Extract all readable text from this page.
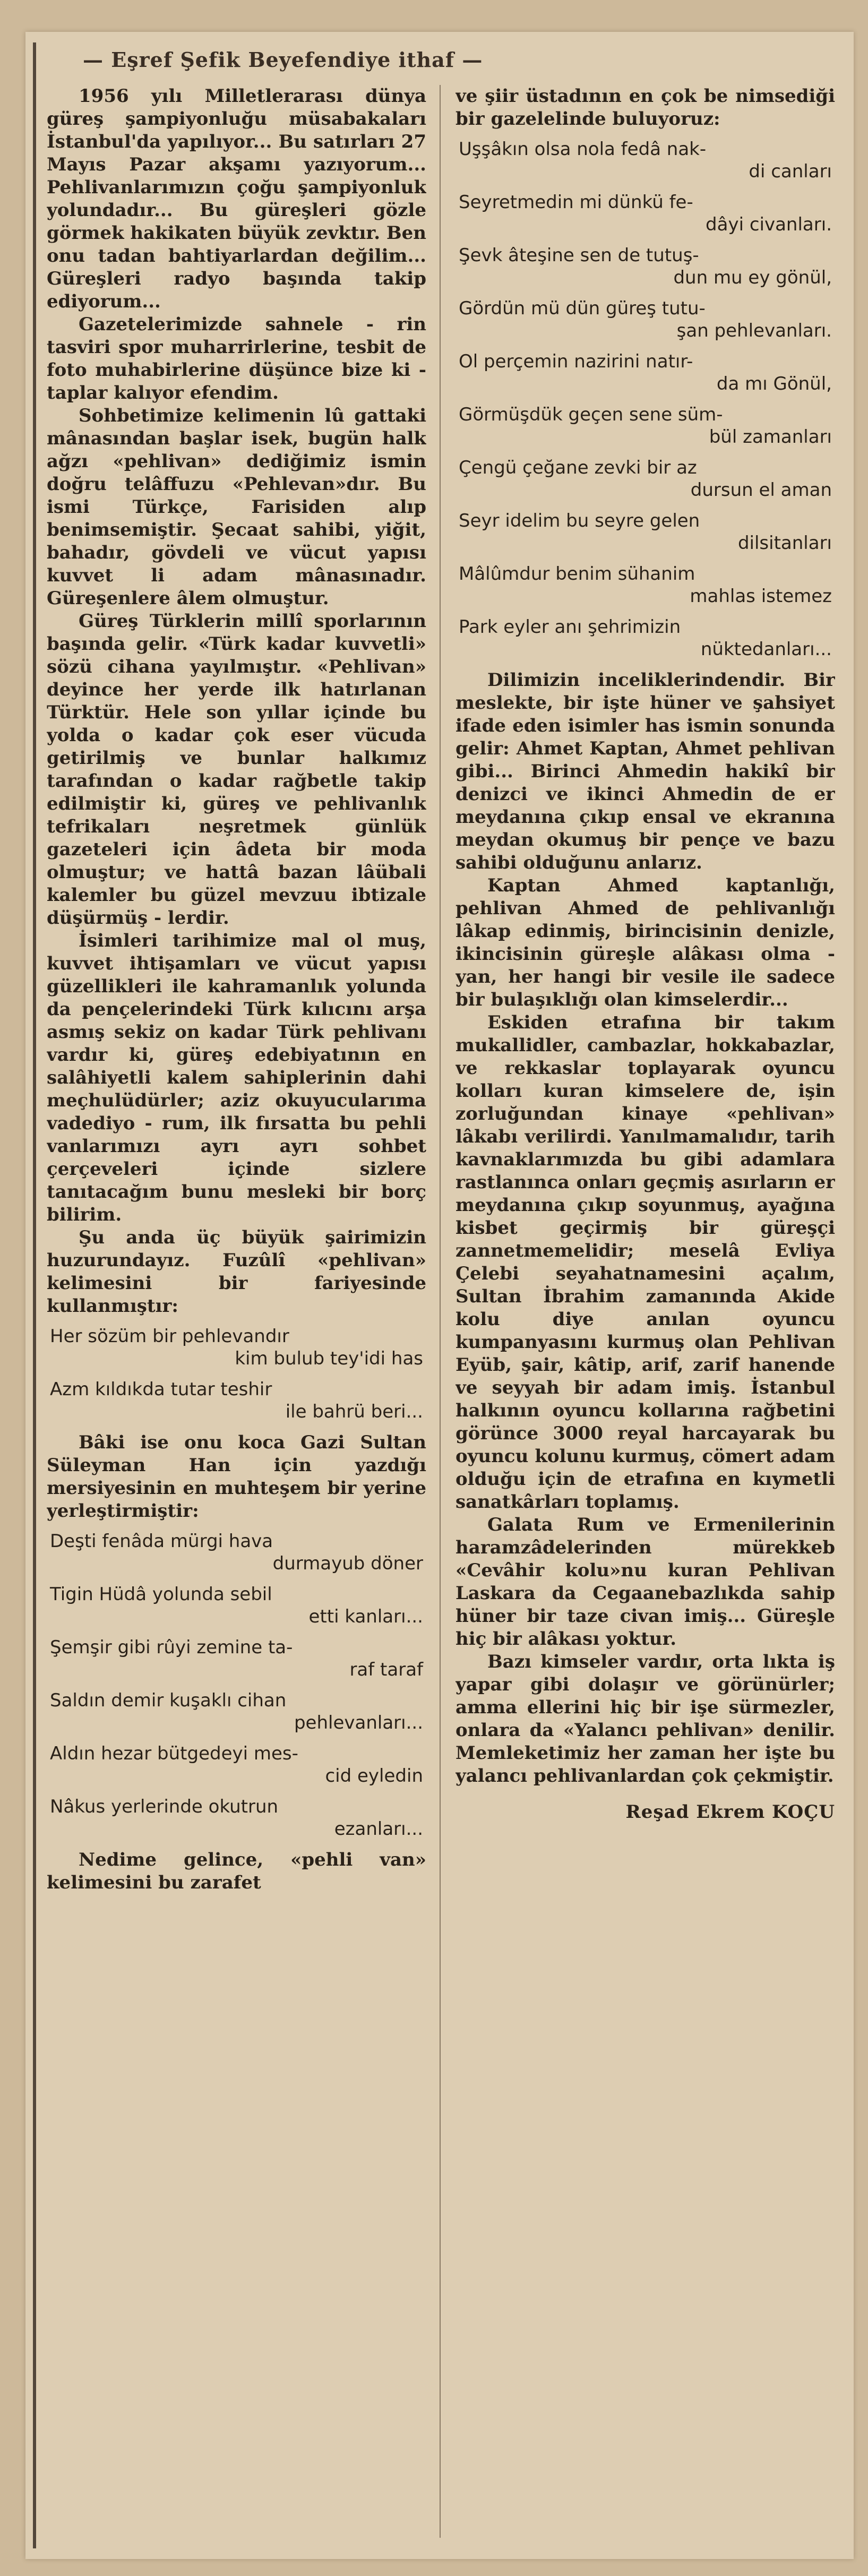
— Eşref Şefik Beyefendiye ithaf —

1956 yılı Milletlerarası dünya güreş şampiyonluğu müsabakaları İstanbul'da yapılıyor... Bu satırları 27 Mayıs Pazar akşamı yazıyorum... Pehlivanlarımızın çoğu şampiyonluk yolundadır... Bu güreşleri gözle görmek hakikaten büyük zevktır. Ben onu tadan bahtiyarlardan değilim... Güreşleri radyo başında takip ediyorum...

Gazetelerimizde sahnele - rin tasviri spor muharrirlerine, tesbit de foto muhabirlerine düşünce bize ki - taplar kalıyor efendim.

Sohbetimize kelimenin lû gattaki mânasından başlar isek, bugün halk ağzı «pehlivan» dediğimiz ismin doğru telâffuzu «Pehlevan»dır. Bu ismi Türkçe, Farisiden alıp benimsemiştir. Şecaat sahibi, yiğit, bahadır, gövdeli ve vücut yapısı kuvvet li adam mânasınadır. Güreşenlere âlem olmuştur.

Güreş Türklerin millî sporlarının başında gelir. «Türk kadar kuvvetli» sözü cihana yayılmıştır. «Pehlivan» deyince her yerde ilk hatırlanan Türktür. Hele son yıllar içinde bu yolda o kadar çok eser vücuda getirilmiş ve bunlar halkımız tarafından o kadar rağbetle takip edilmiştir ki, güreş ve pehlivanlık tefrikaları neşretmek günlük gazeteleri için âdeta bir moda olmuştur; ve hattâ bazan lâübali kalemler bu güzel mevzuu ibtizale düşürmüş - lerdir.

İsimleri tarihimize mal ol muş, kuvvet ihtişamları ve vücut yapısı güzellikleri ile kahramanlık yolunda da pençelerindeki Türk kılıcını arşa asmış sekiz on kadar Türk pehlivanı vardır ki, güreş edebiyatının en salâhiyetli kalem sahiplerinin dahi meçhulüdürler; aziz okuyucularıma vadediyo - rum, ilk fırsatta bu pehli vanlarımızı ayrı ayrı sohbet çerçeveleri içinde sizlere tanıtacağım bunu mesleki bir borç bilirim.

Şu anda üç büyük şairimizin huzurundayız. Fuzûlî «pehlivan» kelimesini bir fariyesinde kullanmıştır:

Her sözüm bir pehlevandır
kim bulub tey'idi has
Azm kıldıkda tutar teshir
ile bahrü beri...

Bâki ise onu koca Gazi Sultan Süleyman Han için yazdığı mersiyesinin en muhteşem bir yerine yerleştirmiştir:

Deşti fenâda mürgi hava
durmayub döner
Tigin Hüdâ yolunda sebil
etti kanları...
Şemşir gibi rûyi zemine ta-
raf taraf
Saldın demir kuşaklı cihan
pehlevanları...
Aldın hezar bütgedeyi mes-
cid eyledin
Nâkus yerlerinde okutrun
ezanları...

Nedime gelince, «pehli van» kelimesini bu zarafet

ve şiir üstadının en çok be nimsediği bir gazelelinde buluyoruz:

Uşşâkın olsa nola fedâ nak-
di canları
Seyretmedin mi dünkü fe-
dâyi civanları.
Şevk âteşine sen de tutuş-
dun mu ey gönül,
Gördün mü dün güreş tutu-
şan pehlevanları.
Ol perçemin nazirini natır-
da mı Gönül,
Görmüşdük geçen sene süm-
bül zamanları
Çengü çeğane zevki bir az
dursun el aman
Seyr idelim bu seyre gelen
dilsitanları
Mâlûmdur benim sühanim
mahlas istemez
Park eyler anı şehrimizin
nüktedanları...

Dilimizin inceliklerindendir. Bir meslekte, bir işte hüner ve şahsiyet ifade eden isimler has ismin sonunda gelir: Ahmet Kaptan, Ahmet pehlivan gibi... Birinci Ahmedin hakikî bir denizci ve ikinci Ahmedin de er meydanına çıkıp ensal ve ekranına meydan okumuş bir pençe ve bazu sahibi olduğunu anlarız.

Kaptan Ahmed kaptanlığı, pehlivan Ahmed de pehlivanlığı lâkap edinmiş, birincisinin denizle, ikincisinin güreşle alâkası olma - yan, her hangi bir vesile ile sadece bir bulaşıklığı olan kimselerdir...

Eskiden etrafına bir takım mukallidler, cambazlar, hokkabazlar, ve rekkaslar toplayarak oyuncu kolları kuran kimselere de, işin zorluğundan kinaye «pehlivan» lâkabı verilirdi. Yanılmamalıdır, tarih kavnaklarımızda bu gibi adamlara rastlanınca onları geçmiş asırların er meydanına çıkıp soyunmuş, ayağına kisbet geçirmiş bir güreşçi zannetmemelidir; meselâ Evliya Çelebi seyahatnamesini açalım, Sultan İbrahim zamanında Akide kolu diye anılan oyuncu kumpanyasını kurmuş olan Pehlivan Eyüb, şair, kâtip, arif, zarif hanende ve seyyah bir adam imiş. İstanbul halkının oyuncu kollarına rağbetini görünce 3000 reyal harcayarak bu oyuncu kolunu kurmuş, cömert adam olduğu için de etrafına en kıymetli sanatkârları toplamış.

Galata Rum ve Ermenilerinin haramzâdelerinden mürekkeb «Cevâhir kolu»nu kuran Pehlivan Laskara da Cegaanebazlıkda sahip hüner bir taze civan imiş... Güreşle hiç bir alâkası yoktur.

Bazı kimseler vardır, orta lıkta iş yapar gibi dolaşır ve görünürler; amma ellerini hiç bir işe sürmezler, onlara da «Yalancı pehlivan» denilir. Memleketimiz her zaman her işte bu yalancı pehlivanlardan çok çekmiştir.

Reşad Ekrem KOÇU
